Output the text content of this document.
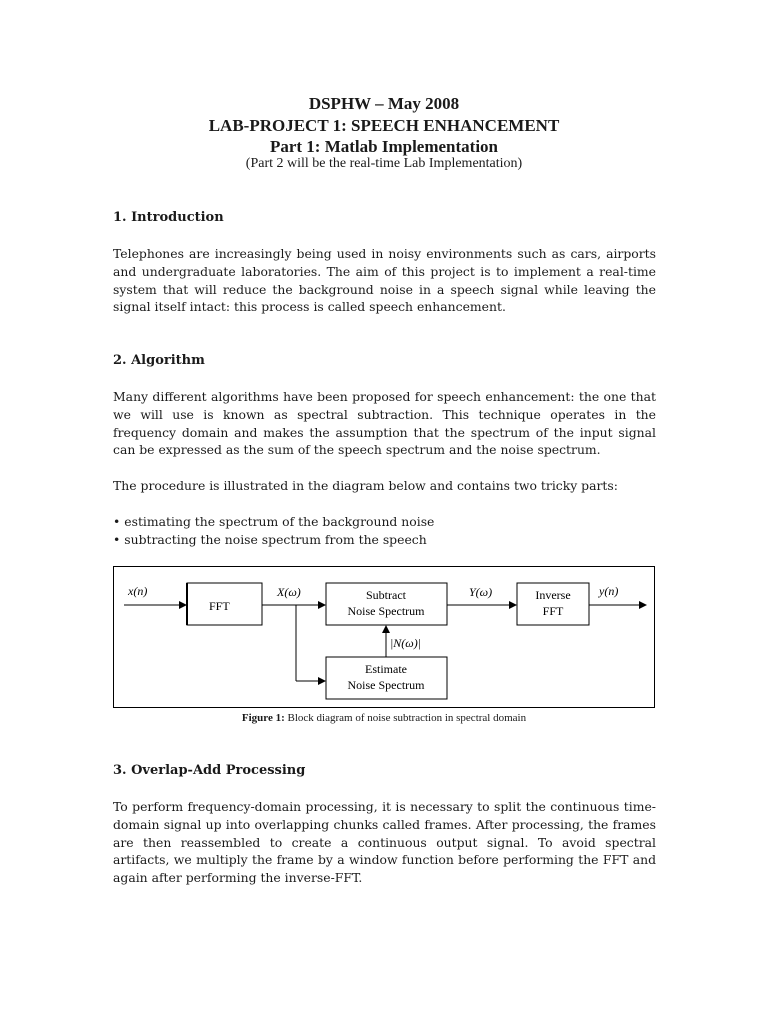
DSPHW – May 2008
LAB-PROJECT 1: SPEECH ENHANCEMENT
Part 1: Matlab Implementation
(Part 2 will be the real-time Lab Implementation)
1. Introduction

Telephones are increasingly being used in noisy environments such as cars, airports and undergraduate laboratories. The aim of this project is to implement a real-time system that will reduce the background noise in a speech signal while leaving the signal itself intact: this process is called speech enhancement.

2. Algorithm

Many different algorithms have been proposed for speech enhancement: the one that we will use is known as spectral subtraction. This technique operates in the frequency domain and makes the assumption that the spectrum of the input signal can be expressed as the sum of the speech spectrum and the noise spectrum.

The procedure is illustrated in the diagram below and contains two tricky parts:
• estimating the spectrum of the background noise
• subtracting the noise spectrum from the speech
x(n)
FFT
X(ω)	Subtract
Noise Spectrum
Estimate
Noise Spectrum
|N(ω)|
Y(ω)	Inverse
FFT
y(n)
Figure 1: Block diagram of noise subtraction in spectral domain
3. Overlap-Add Processing

To perform frequency-domain processing, it is necessary to split the continuous time-domain signal up into overlapping chunks called frames. After processing, the frames are then reassembled to create a continuous output signal. To avoid spectral artifacts, we multiply the frame by a window function before performing the FFT and again after performing the inverse-FFT.
